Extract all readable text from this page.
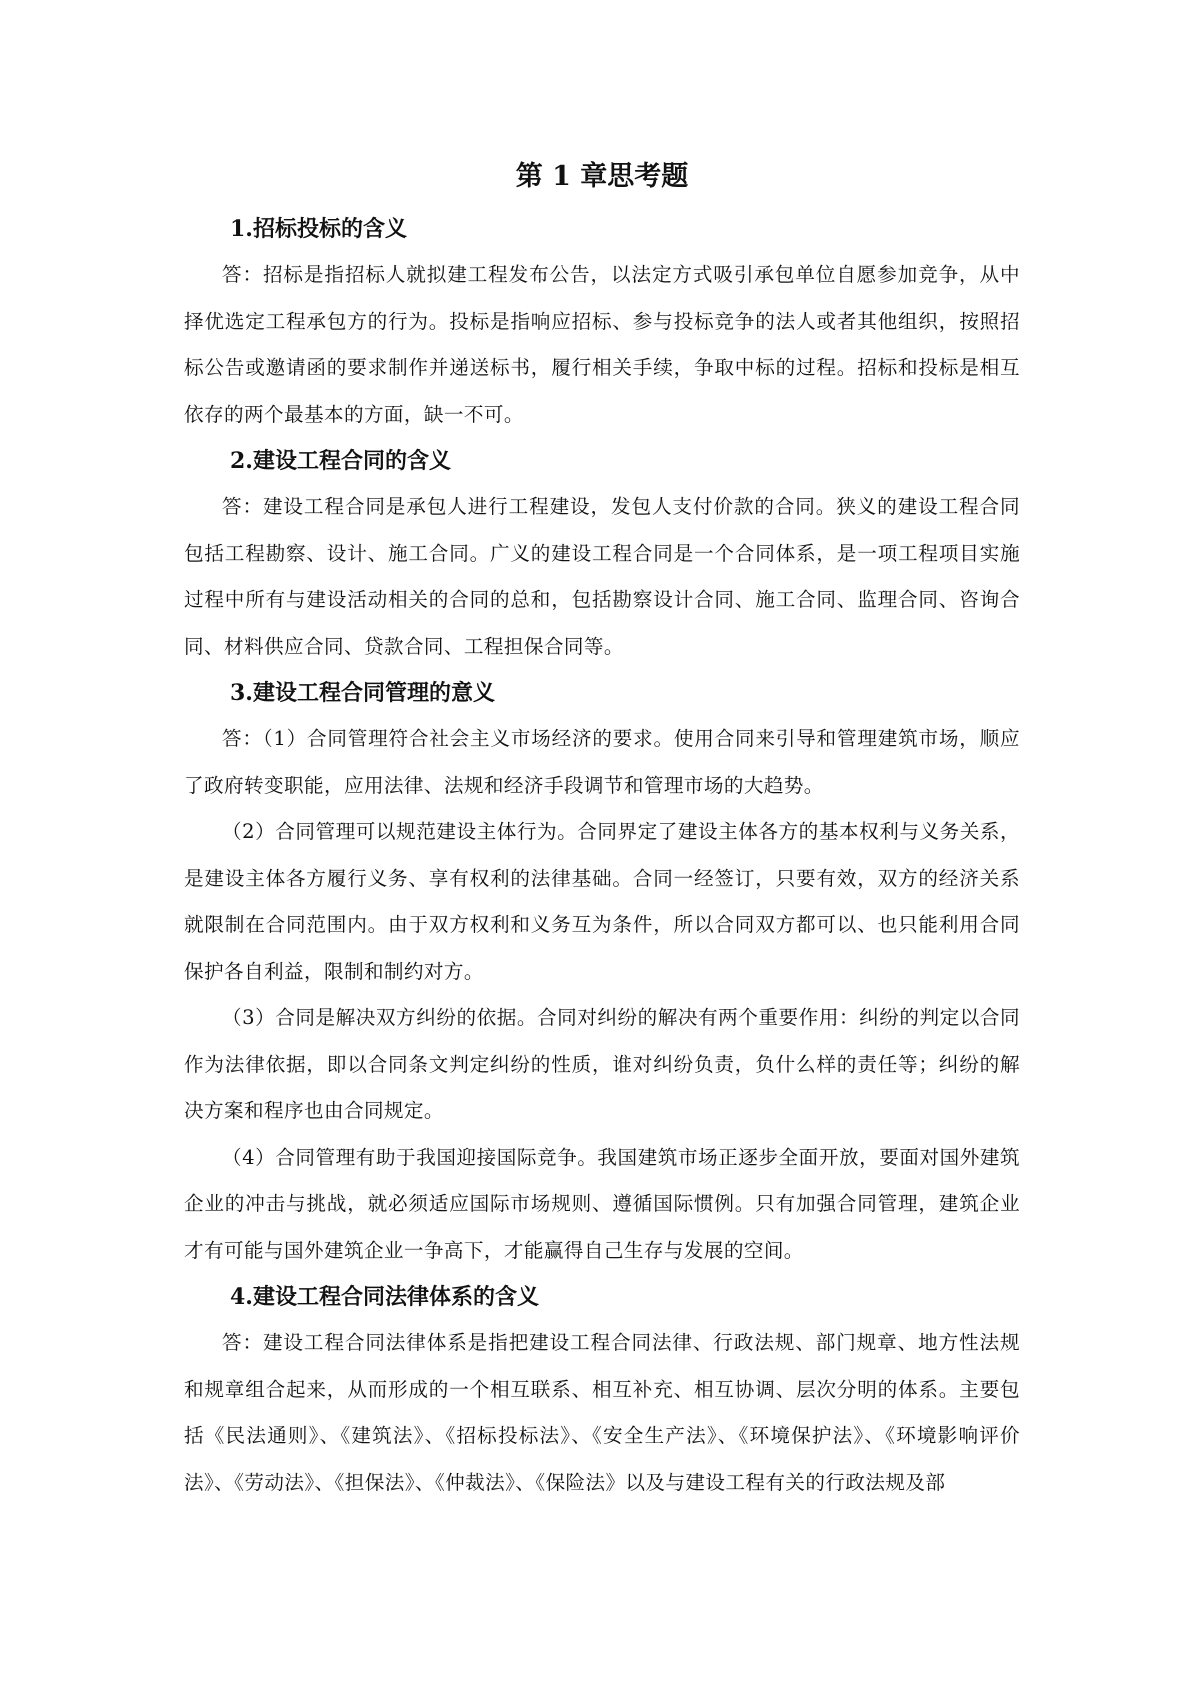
第 1 章思考题
1.招标投标的含义

答：招标是指招标人就拟建工程发布公告，以法定方式吸引承包单位自愿参加竞争，从中择优选定工程承包方的行为。投标是指响应招标、参与投标竞争的法人或者其他组织，按照招标公告或邀请函的要求制作并递送标书，履行相关手续，争取中标的过程。招标和投标是相互依存的两个最基本的方面，缺一不可。

2.建设工程合同的含义

答：建设工程合同是承包人进行工程建设，发包人支付价款的合同。狭义的建设工程合同包括工程勘察、设计、施工合同。广义的建设工程合同是一个合同体系，是一项工程项目实施过程中所有与建设活动相关的合同的总和，包括勘察设计合同、施工合同、监理合同、咨询合同、材料供应合同、贷款合同、工程担保合同等。

3.建设工程合同管理的意义

答：（1）合同管理符合社会主义市场经济的要求。使用合同来引导和管理建筑市场，顺应了政府转变职能，应用法律、法规和经济手段调节和管理市场的大趋势。

（2）合同管理可以规范建设主体行为。合同界定了建设主体各方的基本权利与义务关系，是建设主体各方履行义务、享有权利的法律基础。合同一经签订，只要有效，双方的经济关系就限制在合同范围内。由于双方权利和义务互为条件，所以合同双方都可以、也只能利用合同保护各自利益，限制和制约对方。

（3）合同是解决双方纠纷的依据。合同对纠纷的解决有两个重要作用：纠纷的判定以合同作为法律依据，即以合同条文判定纠纷的性质，谁对纠纷负责，负什么样的责任等；纠纷的解决方案和程序也由合同规定。

（4）合同管理有助于我国迎接国际竞争。我国建筑市场正逐步全面开放，要面对国外建筑企业的冲击与挑战，就必须适应国际市场规则、遵循国际惯例。只有加强合同管理，建筑企业才有可能与国外建筑企业一争高下，才能赢得自己生存与发展的空间。

4.建设工程合同法律体系的含义

答：建设工程合同法律体系是指把建设工程合同法律、行政法规、部门规章、地方性法规和规章组合起来，从而形成的一个相互联系、相互补充、相互协调、层次分明的体系。主要包括《民法通则》、《建筑法》、《招标投标法》、《安全生产法》、《环境保护法》、《环境影响评价法》、《劳动法》、《担保法》、《仲裁法》、《保险法》以及与建设工程有关的行政法规及部
